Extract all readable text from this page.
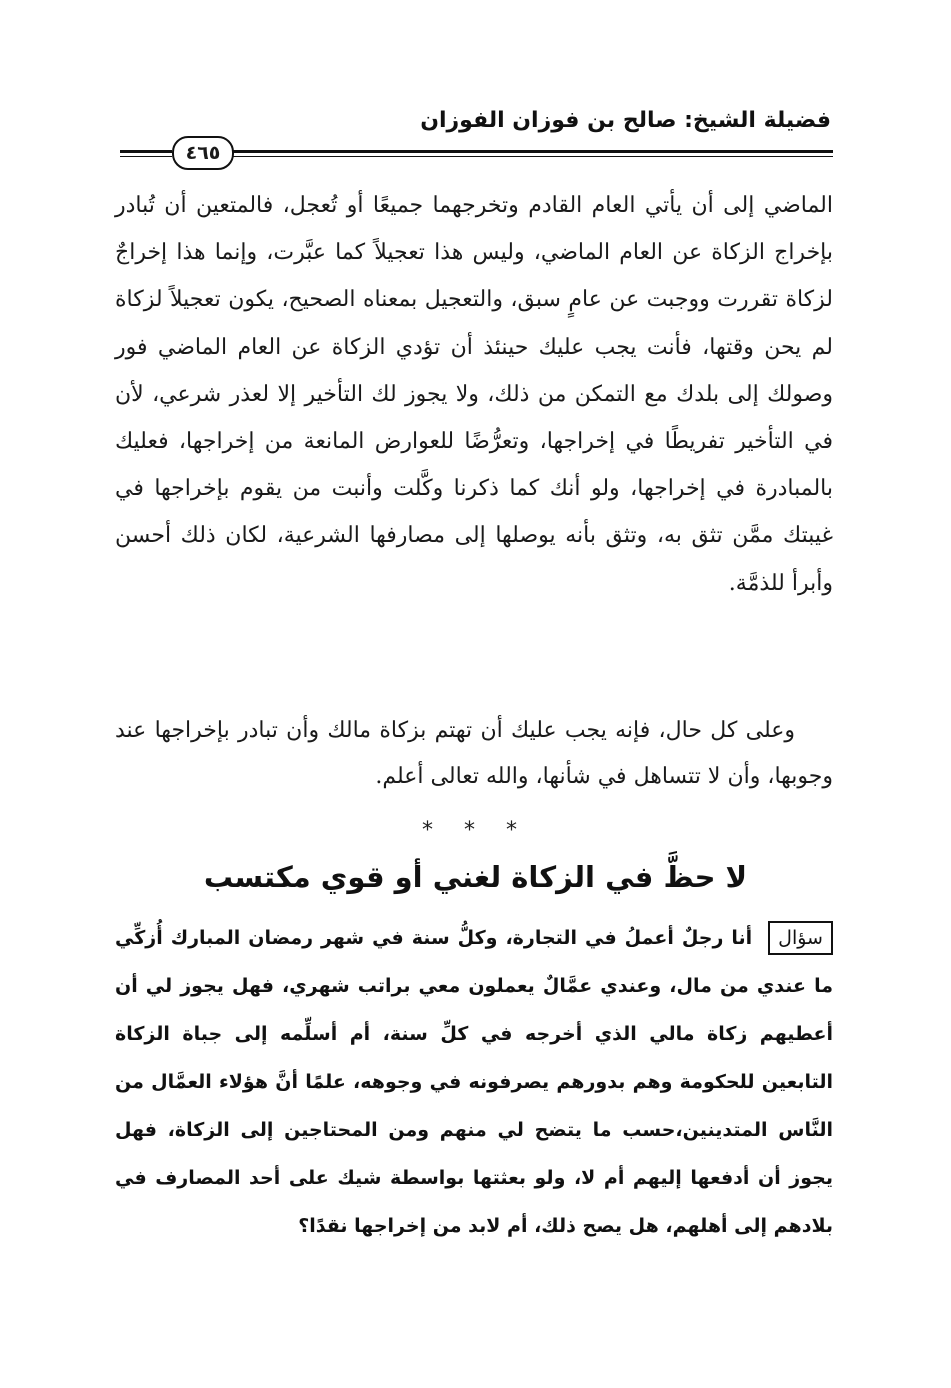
فضيلة الشيخ: صالح بن فوزان الفوزان
٤٦٥

الماضي إلى أن يأتي العام القادم وتخرجهما جميعًا أو تُعجل، فالمتعين أن تُبادر بإخراج الزكاة عن العام الماضي، وليس هذا تعجيلاً كما عبَّرت، وإنما هذا إخراجٌ لزكاة تقررت ووجبت عن عامٍ سبق، والتعجيل بمعناه الصحيح، يكون تعجيلاً لزكاة لم يحن وقتها، فأنت يجب عليك حينئذ أن تؤدي الزكاة عن العام الماضي فور وصولك إلى بلدك مع التمكن من ذلك، ولا يجوز لك التأخير إلا لعذر شرعي، لأن في التأخير تفريطًا في إخراجها، وتعرُّضًا للعوارض المانعة من إخراجها، فعليك بالمبادرة في إخراجها، ولو أنك كما ذكرنا وكَّلت وأنبت من يقوم بإخراجها في غيبتك ممَّن تثق به، وتثق بأنه يوصلها إلى مصارفها الشرعية، لكان ذلك أحسن وأبرأ للذمَّة.

وعلى كل حال، فإنه يجب عليك أن تهتم بزكاة مالك وأن تبادر بإخراجها عند وجوبها، وأن لا تتساهل في شأنها، والله تعالى أعلم.

* * *
لا حظَّ في الزكاة لغني أو قوي مكتسب
سؤال أنا رجلٌ أعملُ في التجارة، وكلُّ سنة في شهر رمضان المبارك أُزكِّي ما عندي من مال، وعندي عمَّالٌ يعملون معي براتب شهري، فهل يجوز لي أن أعطيهم زكاة مالي الذي أخرجه في كلِّ سنة، أم أسلِّمه إلى جباة الزكاة التابعين للحكومة وهم بدورهم يصرفونه في وجوهه، علمًا أنَّ هؤلاء العمَّال من النَّاس المتدينين،حسب ما يتضح لي منهم ومن المحتاجين إلى الزكاة، فهل يجوز أن أدفعها إليهم أم لا، ولو بعثتها بواسطة شيك على أحد المصارف في بلادهم إلى أهلهم، هل يصح ذلك، أم لابد من إخراجها نقدًا؟
